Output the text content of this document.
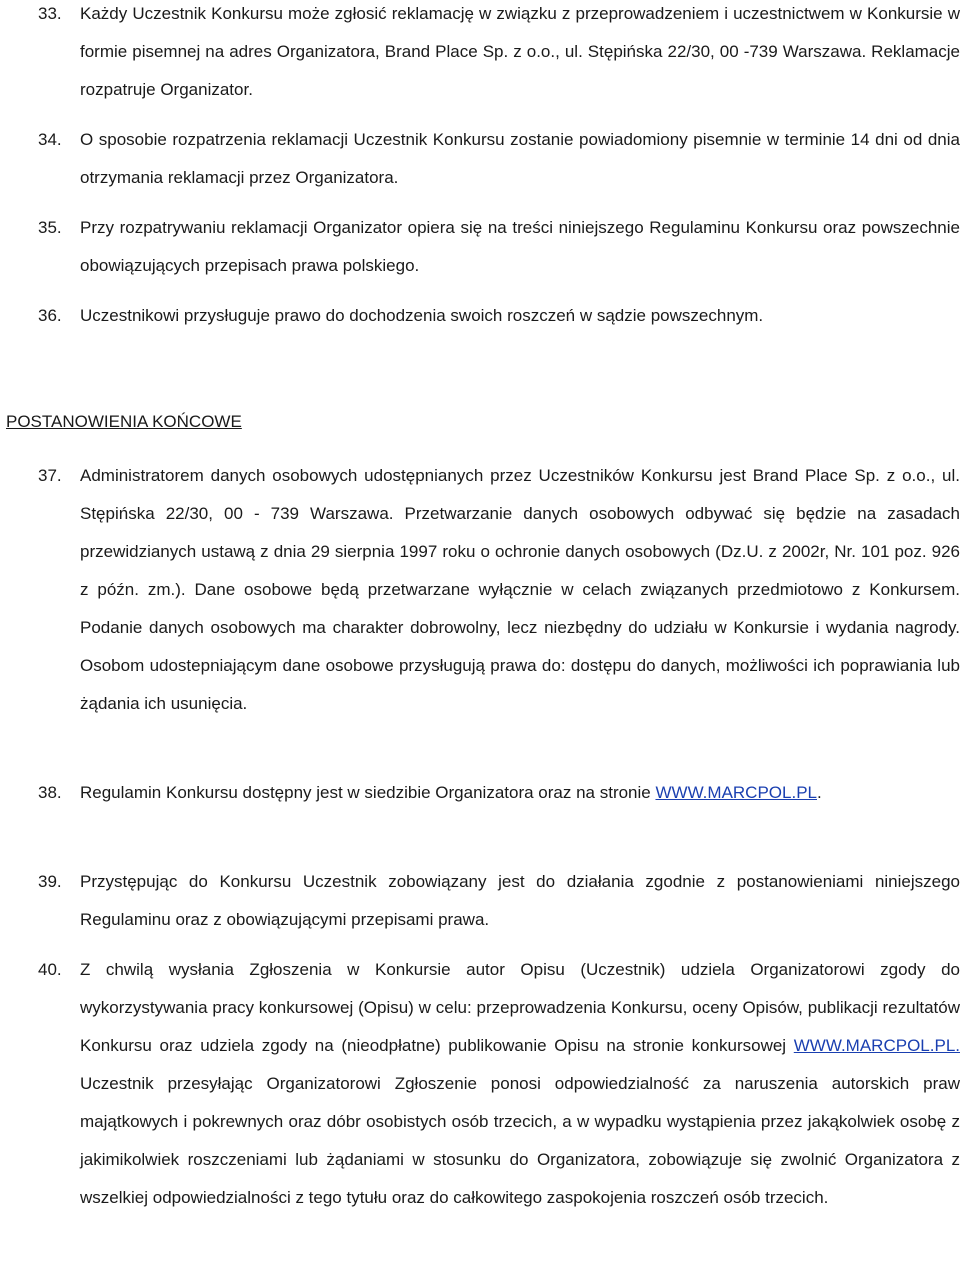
33.	Każdy Uczestnik Konkursu może zgłosić reklamację w związku z przeprowadzeniem i uczestnictwem w Konkursie w formie pisemnej na adres Organizatora, Brand Place Sp. z o.o., ul. Stępińska 22/30, 00 -739 Warszawa. Reklamacje rozpatruje Organizator.

34.	O sposobie rozpatrzenia reklamacji Uczestnik Konkursu zostanie powiadomiony pisemnie w terminie 14 dni od dnia otrzymania reklamacji przez Organizatora.

35.	Przy rozpatrywaniu reklamacji Organizator opiera się na treści niniejszego Regulaminu Konkursu oraz powszechnie obowiązujących przepisach prawa polskiego.

36.	Uczestnikowi przysługuje prawo do dochodzenia swoich roszczeń w sądzie powszechnym.

POSTANOWIENIA KOŃCOWE

37.	Administratorem danych osobowych udostępnianych przez Uczestników Konkursu jest Brand Place Sp. z o.o., ul. Stępińska 22/30, 00 - 739 Warszawa. Przetwarzanie danych osobowych odbywać się będzie na zasadach przewidzianych ustawą z dnia 29 sierpnia 1997 roku o ochronie danych osobowych (Dz.U. z 2002r, Nr. 101 poz. 926 z późn. zm.). Dane osobowe będą przetwarzane wyłącznie w celach związanych przedmiotowo z Konkursem. Podanie danych osobowych ma charakter dobrowolny, lecz niezbędny do udziału w Konkursie i wydania nagrody. Osobom udostepniającym dane osobowe przysługują prawa do: dostępu do danych, możliwości ich poprawiania lub żądania ich usunięcia.

38.	Regulamin Konkursu dostępny jest w siedzibie Organizatora oraz na stronie WWW.MARCPOL.PL.

39.	Przystępując do Konkursu Uczestnik zobowiązany jest do działania zgodnie z postanowieniami niniejszego Regulaminu oraz z obowiązującymi przepisami prawa.

40.	Z chwilą wysłania Zgłoszenia w Konkursie autor Opisu (Uczestnik) udziela Organizatorowi zgody do wykorzystywania pracy konkursowej (Opisu) w celu: przeprowadzenia Konkursu, oceny Opisów, publikacji rezultatów Konkursu oraz udziela zgody na (nieodpłatne) publikowanie Opisu na stronie konkursowej WWW.MARCPOL.PL. Uczestnik przesyłając Organizatorowi Zgłoszenie ponosi odpowiedzialność za naruszenia autorskich praw majątkowych i pokrewnych oraz dóbr osobistych osób trzecich, a w wypadku wystąpienia przez jakąkolwiek osobę z jakimikolwiek roszczeniami lub żądaniami w stosunku do Organizatora, zobowiązuje się zwolnić Organizatora z wszelkiej odpowiedzialności z tego tytułu oraz do całkowitego zaspokojenia roszczeń osób trzecich.
